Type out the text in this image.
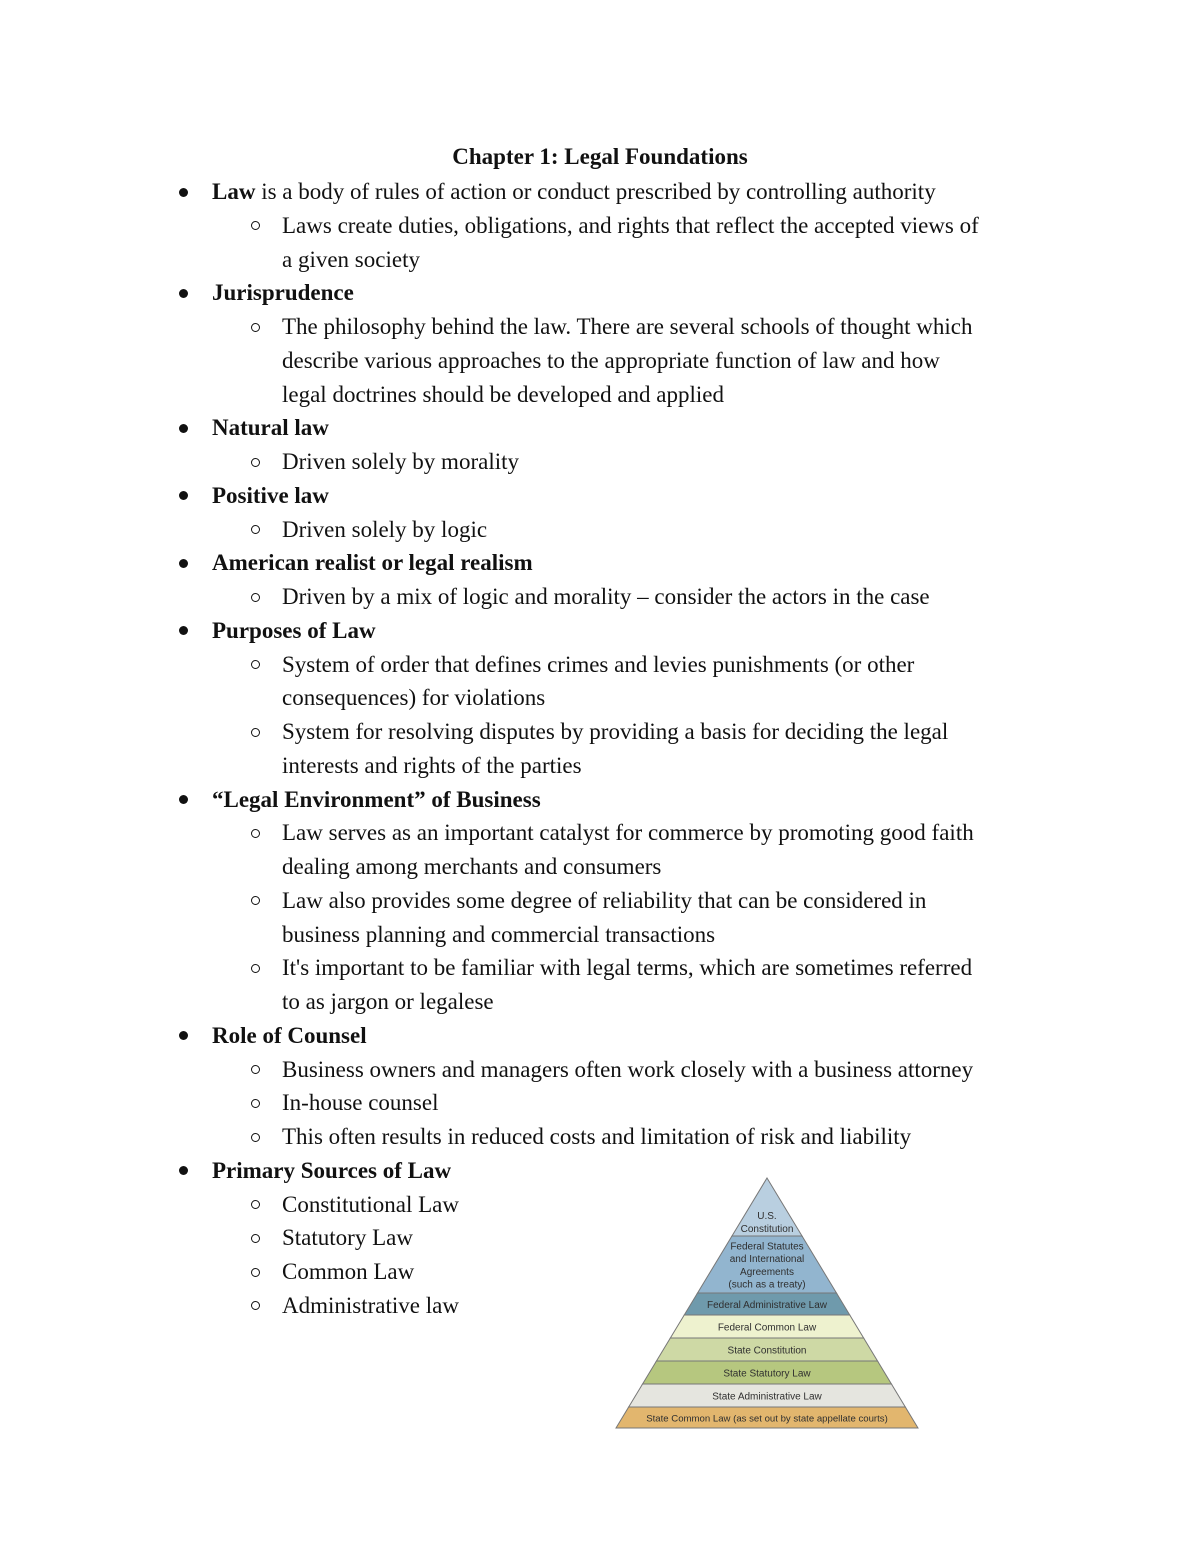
Chapter 1: Legal Foundations
Law is a body of rules of action or conduct prescribed by controlling authority
Laws create duties, obligations, and rights that reflect the accepted views of
a given society
Jurisprudence
The philosophy behind the law. There are several schools of thought which
describe various approaches to the appropriate function of law and how
legal doctrines should be developed and applied
Natural law
Driven solely by morality
Positive law
Driven solely by logic
American realist or legal realism
Driven by a mix of logic and morality – consider the actors in the case
Purposes of Law
System of order that defines crimes and levies punishments (or other
consequences) for violations
System for resolving disputes by providing a basis for deciding the legal
interests and rights of the parties
“Legal Environment” of Business
Law serves as an important catalyst for commerce by promoting good faith
dealing among merchants and consumers
Law also provides some degree of reliability that can be considered in
business planning and commercial transactions
It's important to be familiar with legal terms, which are sometimes referred
to as jargon or legalese
Role of Counsel
Business owners and managers often work closely with a business attorney
In-house counsel
This often results in reduced costs and limitation of risk and liability
Primary Sources of Law
Constitutional Law
Statutory Law
Common Law
Administrative law
U.S.
Constitution
Federal Statutes
and International
Agreements
(such as a treaty)
Federal Administrative Law
Federal Common Law
State Constitution
State Statutory Law
State Administrative Law
State Common Law (as set out by state appellate courts)
